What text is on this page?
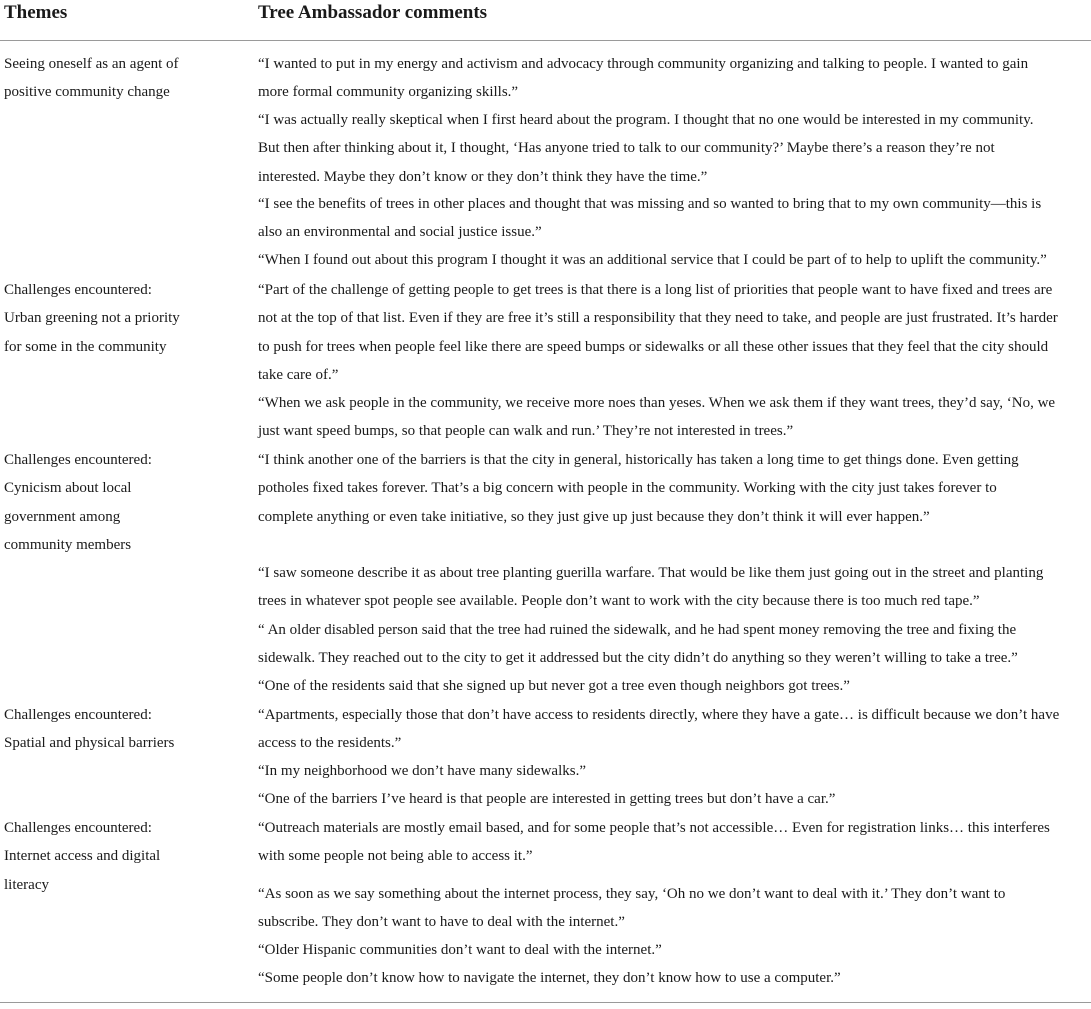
Themes	Tree Ambassador comments
Seeing oneself as an agent of
positive community change
“I wanted to put in my energy and activism and advocacy through community organizing and talking to people. I wanted to gain
more formal community organizing skills.”
“I was actually really skeptical when I first heard about the program. I thought that no one would be interested in my community.
But then after thinking about it, I thought, ‘Has anyone tried to talk to our community?’ Maybe there’s a reason they’re not
interested. Maybe they don’t know or they don’t think they have the time.”
“I see the benefits of trees in other places and thought that was missing and so wanted to bring that to my own community—this is
also an environmental and social justice issue.”
“When I found out about this program I thought it was an additional service that I could be part of to help to uplift the community.”
Challenges encountered:
Urban greening not a priority
for some in the community
“Part of the challenge of getting people to get trees is that there is a long list of priorities that people want to have fixed and trees are
not at the top of that list. Even if they are free it’s still a responsibility that they need to take, and people are just frustrated. It’s harder
to push for trees when people feel like there are speed bumps or sidewalks or all these other issues that they feel that the city should
take care of.”
“When we ask people in the community, we receive more noes than yeses. When we ask them if they want trees, they’d say, ‘No, we
just want speed bumps, so that people can walk and run.’ They’re not interested in trees.”
Challenges encountered:
Cynicism about local
government among
community members
“I think another one of the barriers is that the city in general, historically has taken a long time to get things done. Even getting
potholes fixed takes forever. That’s a big concern with people in the community. Working with the city just takes forever to
complete anything or even take initiative, so they just give up just because they don’t think it will ever happen.”
“I saw someone describe it as about tree planting guerilla warfare. That would be like them just going out in the street and planting
trees in whatever spot people see available. People don’t want to work with the city because there is too much red tape.”
“ An older disabled person said that the tree had ruined the sidewalk, and he had spent money removing the tree and fixing the
sidewalk. They reached out to the city to get it addressed but the city didn’t do anything so they weren’t willing to take a tree.”
“One of the residents said that she signed up but never got a tree even though neighbors got trees.”
Challenges encountered:
Spatial and physical barriers
“Apartments, especially those that don’t have access to residents directly, where they have a gate… is difficult because we don’t have
access to the residents.”
“In my neighborhood we don’t have many sidewalks.”
“One of the barriers I’ve heard is that people are interested in getting trees but don’t have a car.”
Challenges encountered:
Internet access and digital
literacy
“Outreach materials are mostly email based, and for some people that’s not accessible… Even for registration links… this interferes
with some people not being able to access it.”
“As soon as we say something about the internet process, they say, ‘Oh no we don’t want to deal with it.’ They don’t want to
subscribe. They don’t want to have to deal with the internet.”
“Older Hispanic communities don’t want to deal with the internet.”
“Some people don’t know how to navigate the internet, they don’t know how to use a computer.”
